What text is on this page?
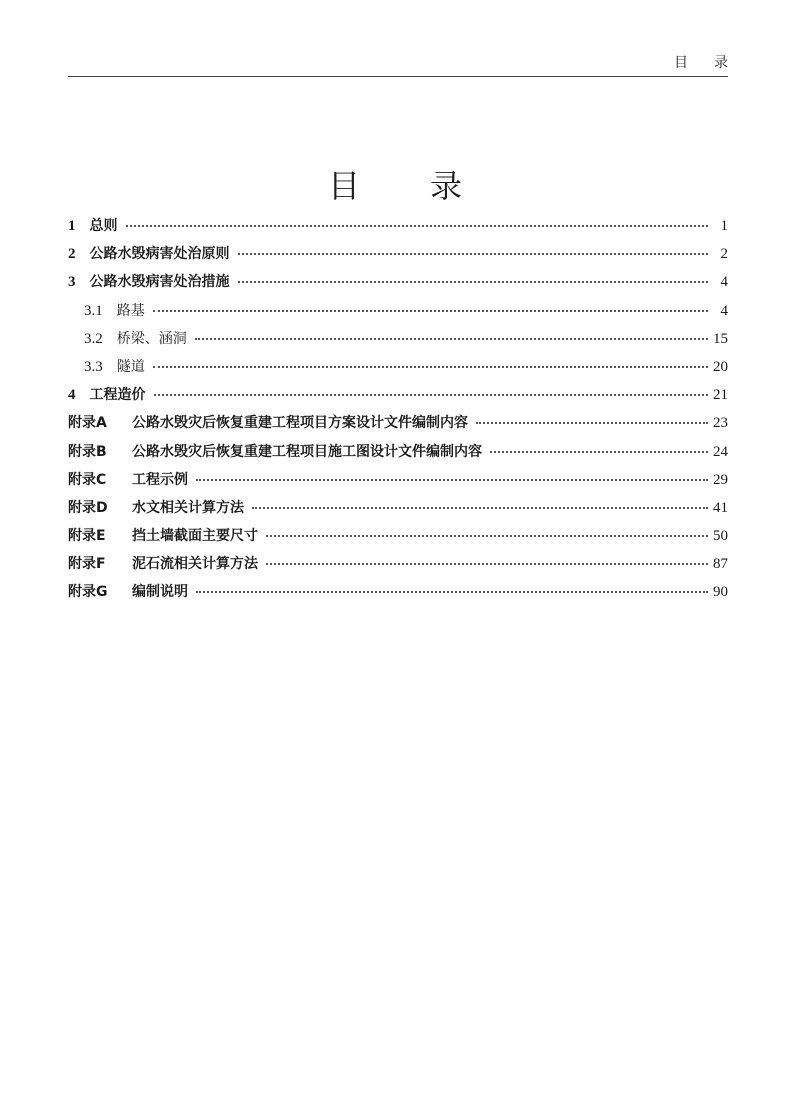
目录
目录
1 总则	1
2 公路水毁病害处治原则	2
3 公路水毁病害处治措施	4
3.1 路基	4
3.2 桥梁、涵洞	15
3.3 隧道	20
4 工程造价	21
附录A	公路水毁灾后恢复重建工程项目方案设计文件编制内容	23
附录B	公路水毁灾后恢复重建工程项目施工图设计文件编制内容	24
附录C	工程示例	29
附录D	水文相关计算方法	41
附录E	挡土墙截面主要尺寸	50
附录F	泥石流相关计算方法	87
附录G	编制说明	90
